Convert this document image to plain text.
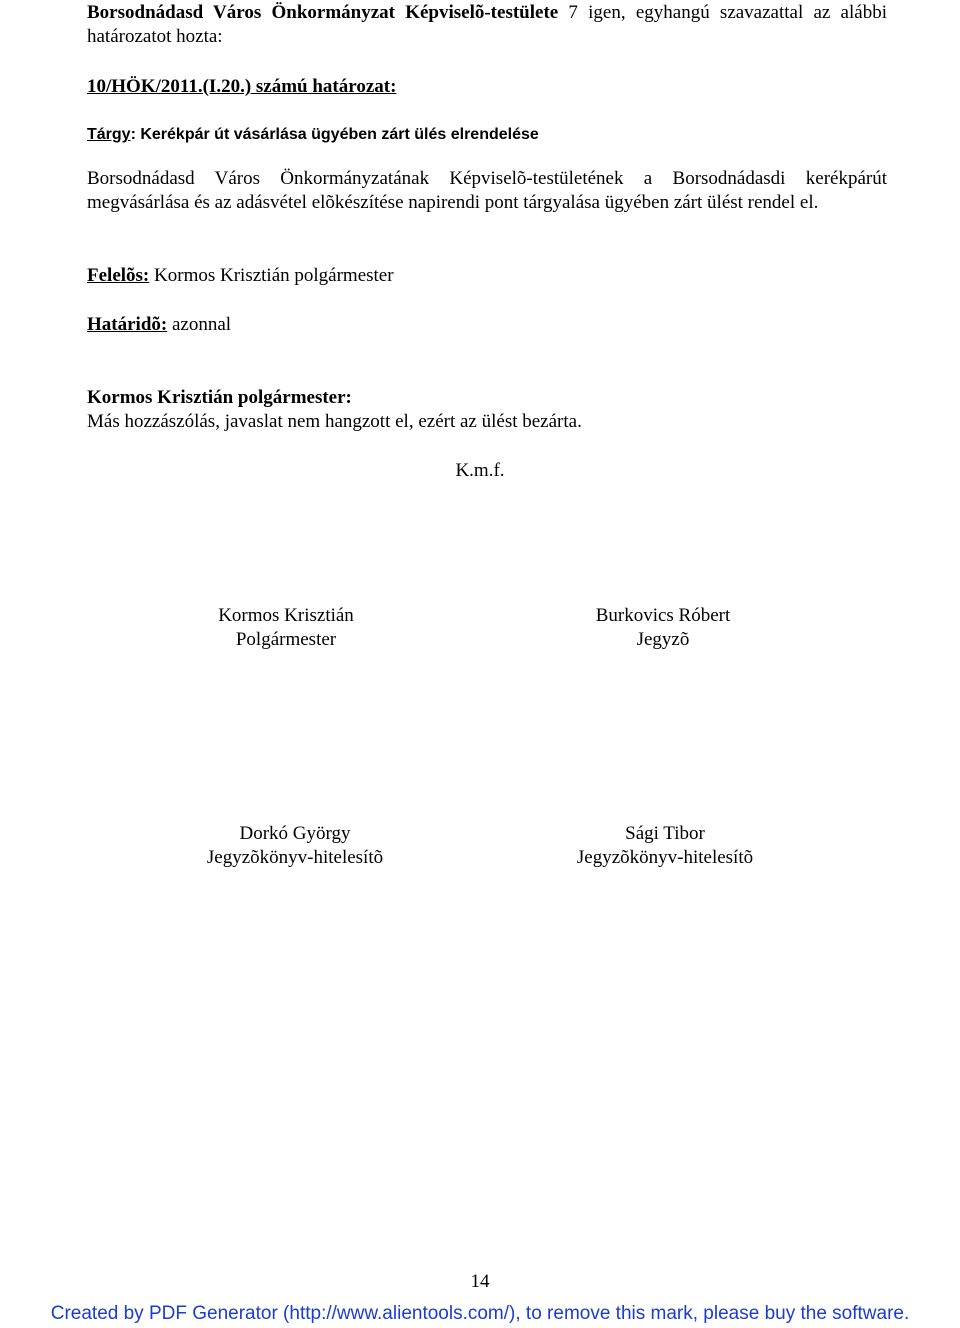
Borsodnádasd Város Önkormányzat Képviselõ-testülete 7 igen, egyhangú szavazattal az alábbi határozatot hozta:
10/HÖK/2011.(I.20.) számú határozat:
Tárgy: Kerékpár út vásárlása ügyében zárt ülés elrendelése
Borsodnádasd Város Önkormányzatának Képviselõ-testületének a Borsodnádasdi kerékpárút megvásárlása és az adásvétel elõkészítése napirendi pont tárgyalása ügyében zárt ülést rendel el.
Felelõs: Kormos Krisztián polgármester
Határidõ: azonnal
Kormos Krisztián polgármester:
Más hozzászólás, javaslat nem hangzott el, ezért az ülést bezárta.
K.m.f.
Kormos Krisztián
Polgármester
Burkovics Róbert
Jegyzõ
Dorkó György
Jegyzõkönyv-hitelesítõ
Sági Tibor
Jegyzõkönyv-hitelesítõ
14
Created by PDF Generator (http://www.alientools.com/), to remove this mark, please buy the software.
